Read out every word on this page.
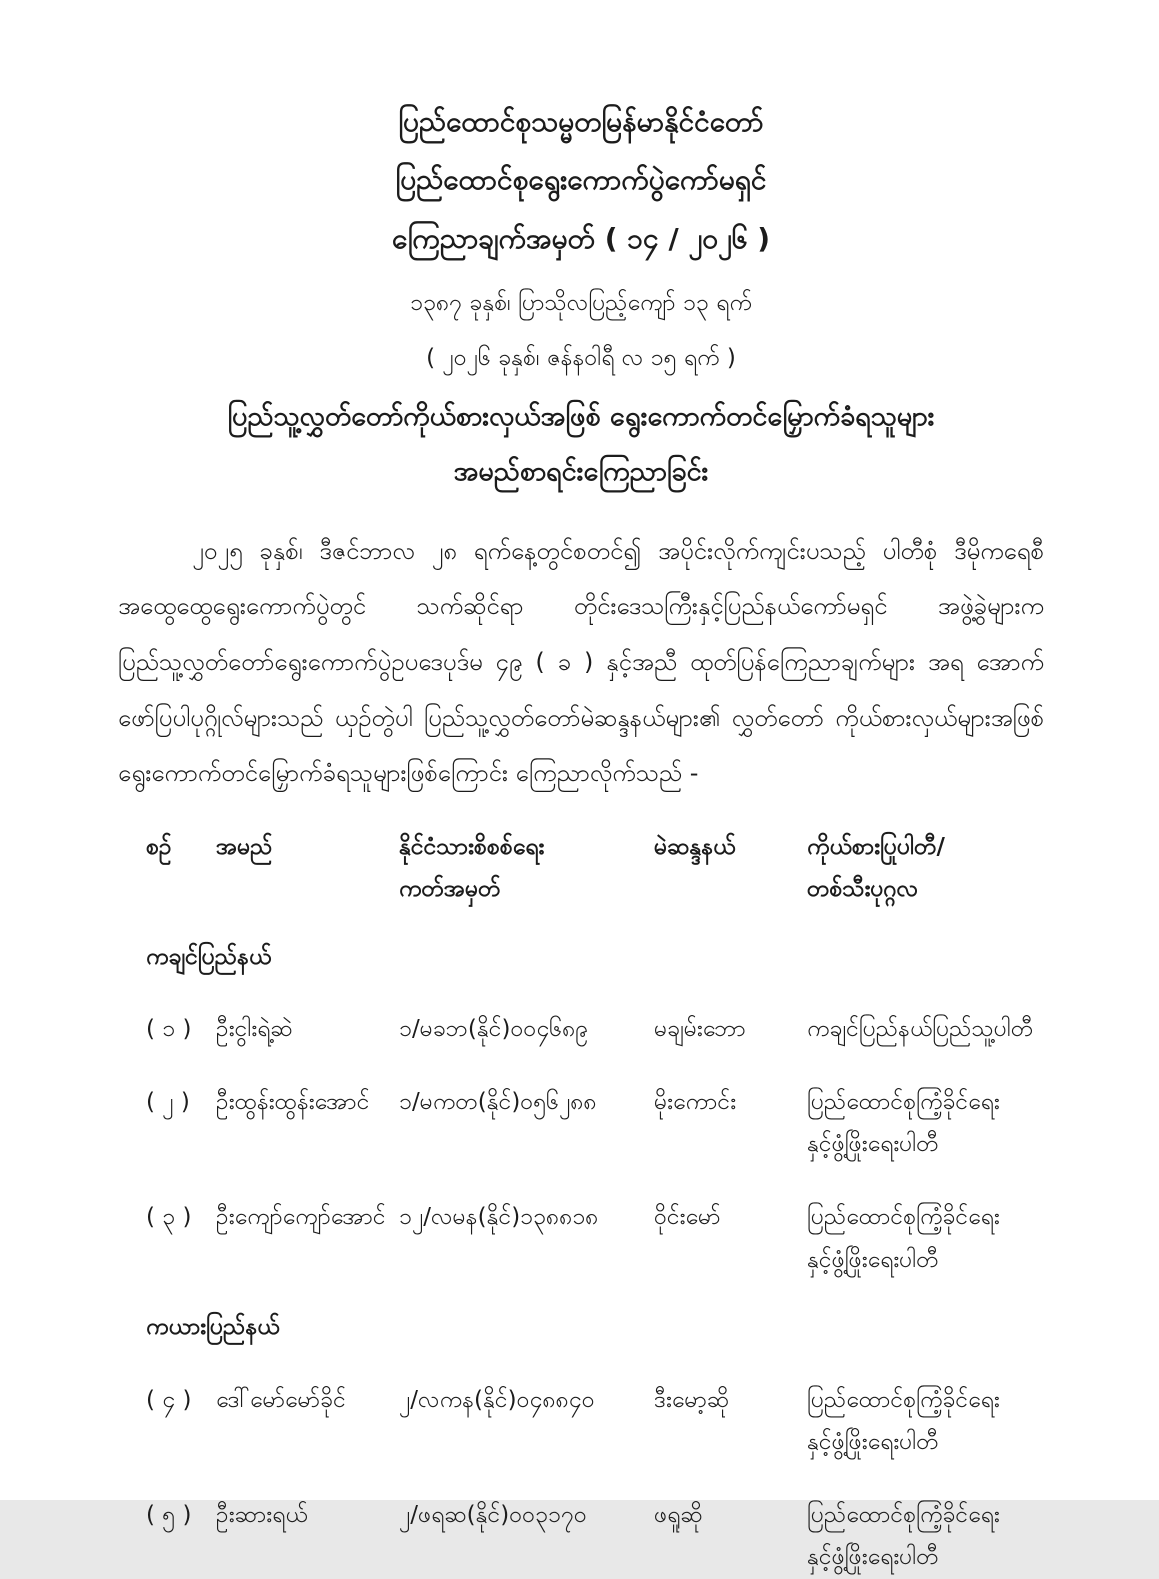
ပြည်ထောင်စုသမ္မတမြန်မာနိုင်ငံတော်
ပြည်ထောင်စုရွေးကောက်ပွဲကော်မရှင်
ကြေညာချက်အမှတ် ( ၁၄ / ၂၀၂၆ )
၁၃၈၇ ခုနှစ်၊ ပြာသိုလပြည့်ကျော် ၁၃ ရက်
( ၂၀၂၆ ခုနှစ်၊ ဇန်နဝါရီ လ ၁၅ ရက် )
ပြည်သူ့လွှတ်တော်ကိုယ်စားလှယ်အဖြစ် ရွေးကောက်တင်မြှောက်ခံရသူများ
အမည်စာရင်းကြေညာခြင်း

၂၀၂၅ ခုနှစ်၊ ဒီဇင်ဘာလ ၂၈ ရက်နေ့တွင်စတင်၍ အပိုင်းလိုက်ကျင်းပသည့် ပါတီစုံ ဒီမိုကရေစီအထွေထွေရွေးကောက်ပွဲတွင် သက်ဆိုင်ရာ တိုင်းဒေသကြီးနှင့်ပြည်နယ်ကော်မရှင် အဖွဲ့ခွဲများက ပြည်သူ့လွှတ်တော်ရွေးကောက်ပွဲဥပဒေပုဒ်မ ၄၉ ( ခ ) နှင့်အညီ ထုတ်ပြန်ကြေညာချက်များ အရ အောက်ဖော်ပြပါပုဂ္ဂိုလ်များသည် ယှဉ်တွဲပါ ပြည်သူ့လွှတ်တော်မဲဆန္ဒနယ်များ၏ လွှတ်တော် ကိုယ်စားလှယ်များအဖြစ် ရွေးကောက်တင်မြှောက်ခံရသူများဖြစ်ကြောင်း ကြေညာလိုက်သည် -

စဉ်	အမည်	နိုင်ငံသားစိစစ်ရေး
ကတ်အမှတ်
မဲဆန္ဒနယ်	ကိုယ်စားပြုပါတီ/
တစ်သီးပုဂ္ဂလ
ကချင်ပြည်နယ်
( ၁ )	ဦးငွါးရဲ့ဆဲ	၁/မခဘ(နိုင်)၀၀၄၆၈၉	မချမ်းဘော	ကချင်ပြည်နယ်ပြည်သူ့ပါတီ
( ၂ )	ဦးထွန်းထွန်းအောင်	၁/မကတ(နိုင်)၀၅၆၂၈၈	မိုးကောင်း	ပြည်ထောင်စုကြံ့ခိုင်ရေး
နှင့်ဖွံ့ဖြိုးရေးပါတီ
( ၃ )	ဦးကျော်ကျော်အောင် ၁၂/လမန(နိုင်)၁၃၈၈၁၈	ဝိုင်းမော်	ပြည်ထောင်စုကြံ့ခိုင်ရေး
နှင့်ဖွံ့ဖြိုးရေးပါတီ
ကယားပြည်နယ်
( ၄ )	ဒေါ်မော်မော်ခိုင်	၂/လကန(နိုင်)၀၄၈၈၄၀	ဒီးမော့ဆို	ပြည်ထောင်စုကြံ့ခိုင်ရေး
နှင့်ဖွံ့ဖြိုးရေးပါတီ
( ၅ )	ဦးဆားရယ်	၂/ဖရဆ(နိုင်)၀၀၃၁၇၀	ဖရူဆို	ပြည်ထောင်စုကြံ့ခိုင်ရေး
နှင့်ဖွံ့ဖြိုးရေးပါတီ
